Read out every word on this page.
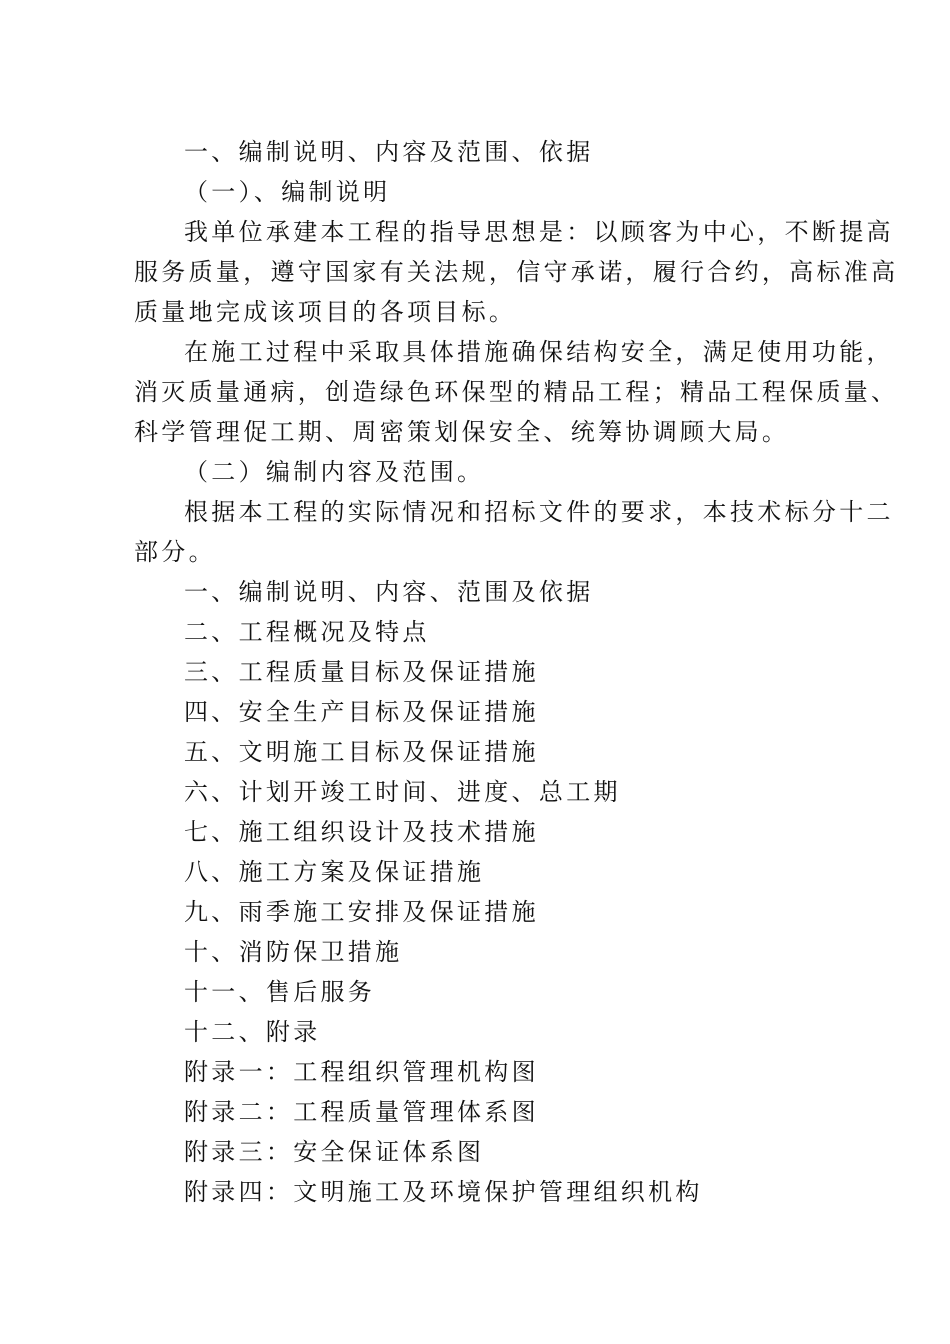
一、编制说明、内容及范围、依据
（一）、编制说明
我单位承建本工程的指导思想是：以顾客为中心，不断提高
服务质量，遵守国家有关法规，信守承诺，履行合约，高标准高
质量地完成该项目的各项目标。
在施工过程中采取具体措施确保结构安全，满足使用功能，
消灭质量通病，创造绿色环保型的精品工程；精品工程保质量、
科学管理促工期、周密策划保安全、统筹协调顾大局。
（二）编制内容及范围。
根据本工程的实际情况和招标文件的要求，本技术标分十二
部分。
一、编制说明、内容、范围及依据
二、工程概况及特点
三、工程质量目标及保证措施
四、安全生产目标及保证措施
五、文明施工目标及保证措施
六、计划开竣工时间、进度、总工期
七、施工组织设计及技术措施
八、施工方案及保证措施
九、雨季施工安排及保证措施
十、消防保卫措施
十一、售后服务
十二、附录
附录一：工程组织管理机构图
附录二：工程质量管理体系图
附录三：安全保证体系图
附录四：文明施工及环境保护管理组织机构
